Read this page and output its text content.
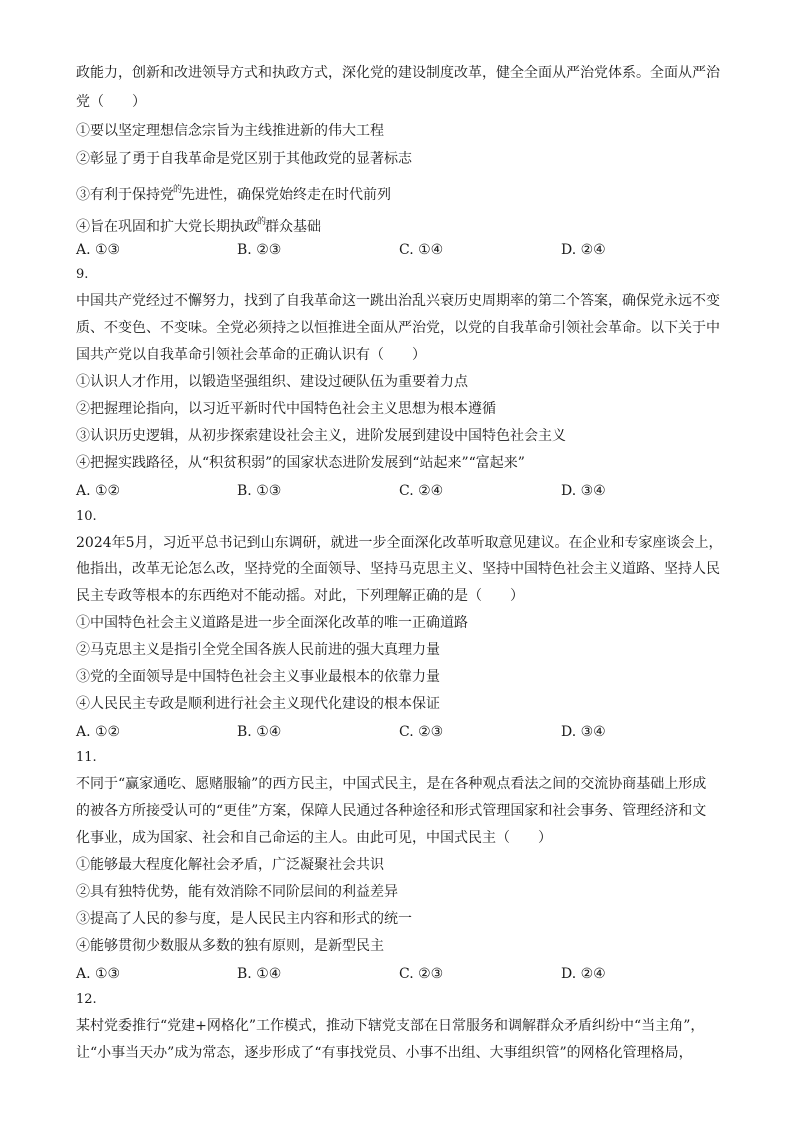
政能力，创新和改进领导方式和执政方式，深化党的建设制度改革，健全全面从严治党体系。全面从严治
党（　　）
①要以坚定理想信念宗旨为主线推进新的伟大工程
②彰显了勇于自我革命是党区别于其他政党的显著标志
③有利于保持党$^的$先进性，确保党始终走在时代前列
④旨在巩固和扩大党长期执政$^的$群众基础
A. ①③	B. ②③	C. ①④	D. ②④
9.
中国共产党经过不懈努力，找到了自我革命这一跳出治乱兴衰历史周期率的第二个答案，确保党永远不变
质、不变色、不变味。全党必须持之以恒推进全面从严治党，以党的自我革命引领社会革命。以下关于中
国共产党以自我革命引领社会革命的正确认识有（　　）
①认识人才作用，以锻造坚强组织、建设过硬队伍为重要着力点
②把握理论指向，以习近平新时代中国特色社会主义思想为根本遵循
③认识历史逻辑，从初步探索建设社会主义，进阶发展到建设中国特色社会主义
④把握实践路径，从“积贫积弱”的国家状态进阶发展到“站起来”“富起来”
A. ①②	B. ①③	C. ②④	D. ③④
10.
2024年5月，习近平总书记到山东调研，就进一步全面深化改革听取意见建议。在企业和专家座谈会上，
他指出，改革无论怎么改，坚持党的全面领导、坚持马克思主义、坚持中国特色社会主义道路、坚持人民
民主专政等根本的东西绝对不能动摇。对此，下列理解正确的是（　　）
①中国特色社会主义道路是进一步全面深化改革的唯一正确道路
②马克思主义是指引全党全国各族人民前进的强大真理力量
③党的全面领导是中国特色社会主义事业最根本的依靠力量
④人民民主专政是顺利进行社会主义现代化建设的根本保证
A. ①②	B. ①④	C. ②③	D. ③④
11.
不同于“赢家通吃、愿赌服输”的西方民主，中国式民主，是在各种观点看法之间的交流协商基础上形成
的被各方所接受认可的“更佳”方案，保障人民通过各种途径和形式管理国家和社会事务、管理经济和文
化事业，成为国家、社会和自己命运的主人。由此可见，中国式民主（　　）
①能够最大程度化解社会矛盾，广泛凝聚社会共识
②具有独特优势，能有效消除不同阶层间的利益差异
③提高了人民的参与度，是人民民主内容和形式的统一
④能够贯彻少数服从多数的独有原则，是新型民主
A. ①③	B. ①④	C. ②③	D. ②④
12.
某村党委推行“党建+网格化”工作模式，推动下辖党支部在日常服务和调解群众矛盾纠纷中“当主角”，
让“小事当天办”成为常态，逐步形成了“有事找党员、小事不出组、大事组织管”的网格化管理格局，
